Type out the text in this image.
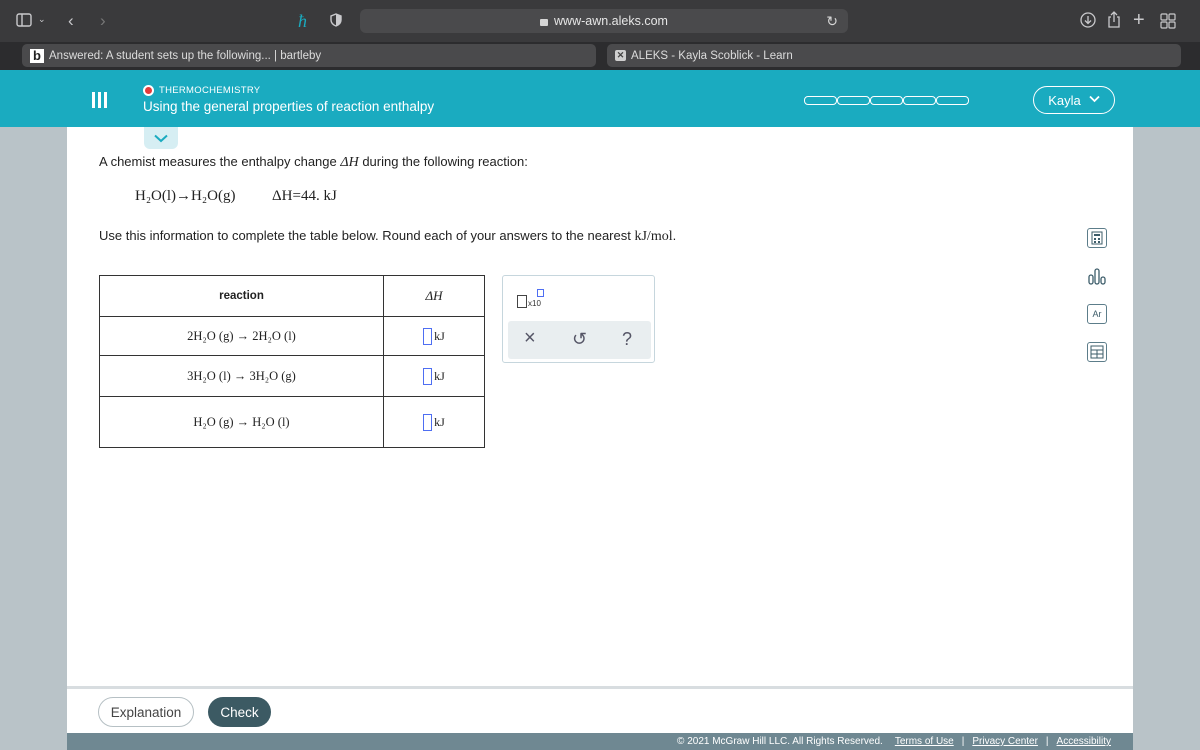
⌄ ‹ ›	ħ	www-awn.aleks.com	↻	+
b Answered: A student sets up the following... | bartleby	✕ ALEKS - Kayla Scoblick - Learn
THERMOCHEMISTRY
Using the general properties of reaction enthalpy	Kayla
A chemist measures the enthalpy change ΔH during the following reaction:
H₂O(l)→H₂O(g) ΔH=44. kJ
Use this information to complete the table below. Round each of your answers to the nearest kJ/mol.
reaction	ΔH
2H₂O (g) → 2H₂O (l)	kJ
3H₂O (l) → 3H₂O (g)	kJ
H₂O (g) → H₂O (l)	kJ
x10
× ↺ ?
Ar
Explanation	Check
© 2021 McGraw Hill LLC. All Rights Reserved. Terms of Use | Privacy Center | Accessibility
